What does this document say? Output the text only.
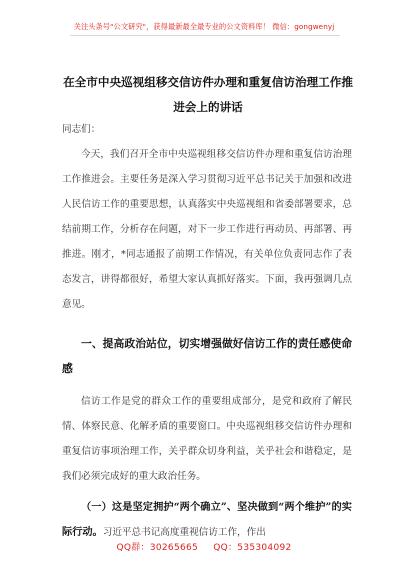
关注头条号"公文研究"，获得最新最全最专业的公文资料库！ 微信：gongwenyj
在全市中央巡视组移交信访件办理和重复信访治理工作推进会上的讲话

同志们：

今天，我们召开全市中央巡视组移交信访件办理和重复信访治理工作推进会。主要任务是深入学习贯彻习近平总书记关于加强和改进人民信访工作的重要思想，认真落实中央巡视组和省委部署要求，总结前期工作，分析存在问题，对下一步工作进行再动员、再部署、再推进。刚才，*同志通报了前期工作情况，有关单位负责同志作了表态发言，讲得都很好，希望大家认真抓好落实。下面，我再强调几点意见。

一、提高政治站位，切实增强做好信访工作的责任感使命感

信访工作是党的群众工作的重要组成部分，是党和政府了解民情、体察民意、化解矛盾的重要窗口。中央巡视组移交信访件办理和重复信访事项治理工作，关乎群众切身利益，关乎社会和谐稳定，是我们必须完成好的重大政治任务。

（一）这是坚定拥护“两个确立”、坚决做到“两个维护”的实际行动。习近平总书记高度重视信访工作，作出

QQ群：30265665 QQ：535304092
